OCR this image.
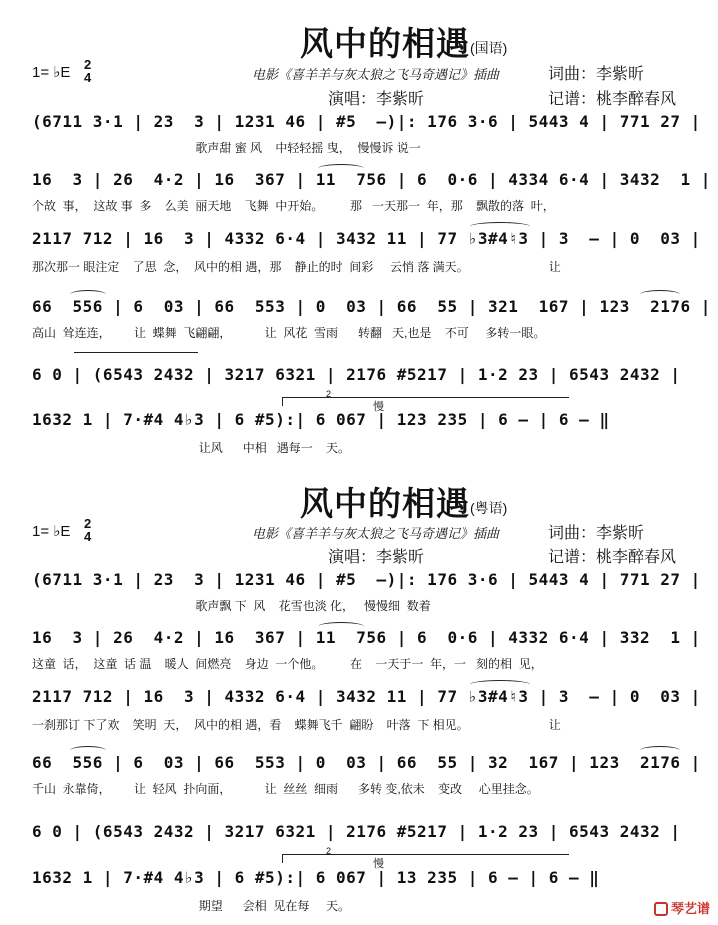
风中的相遇 (国语)
1= ♭E 2
4	电影《喜羊羊与灰太狼之飞马奇遇记》插曲	词曲：李紫昕
演唱：李紫昕	记谱：桃李醉春风
(6711 3·1 | 23  3 | 1231 46 | #5  –)|: 176 3·6 | 5443 4 | 771 27 |
歌声甜 蜜 风    中轻轻摇 曳，  慢慢诉 说一
16  3 | 26  4·2 | 16  367 | 11  756 | 6  0·6 | 4334 6·4 | 3432  1 |
个故  事，  这故 事  多    么美  丽天地    飞舞  中开始。        那   一天那一  年，那    飘散的落  叶，
2117 712 | 16  3 | 4332 6·4 | 3432 11 | 77 ♭3#4♮3 | 3  – | 0  03 |
那次那一 眼注定    了思  念，  风中的相 遇，那    静止的时  间彩     云悄 落 满天。                        让
66  556 | 6  03 | 66  553 | 0  03 | 66  55 | 321  167 | 123  2176 |
高山  耸连连，       让  蝶舞  飞翩翩，          让  风花  雪雨      转翻   天,也是    不可     多转一眼。
6 0 | (6543 2432 | 3217 6321 | 2176 #5217 | 1·2 23 | 6543 2432 |
2
慢
1632 1 | 7·#4 4♭3 | 6 #5):| 6 067 | 123 235 | 6 – | 6 – ‖
让风      中相   遇每一    天。
风中的相遇 (粤语)
1= ♭E 2
4	电影《喜羊羊与灰太狼之飞马奇遇记》插曲	词曲：李紫昕
演唱：李紫昕	记谱：桃李醉春风
(6711 3·1 | 23  3 | 1231 46 | #5  –)|: 176 3·6 | 5443 4 | 771 27 |
歌声飘 下  风    花雪也淡 化，   慢慢细  数着
16  3 | 26  4·2 | 16  367 | 11  756 | 6  0·6 | 4332 6·4 | 332  1 |
这童  话，  这童  话 温    暖人  间燃亮    身边  一个他。        在    一天于一  年，一   刻的相  见，
2117 712 | 16  3 | 4332 6·4 | 3432 11 | 77 ♭3#4♮3 | 3  – | 0  03 |
一刹那订 下了欢    笑明  天，  风中的相 遇，看    蝶舞飞千  翩盼    叶落  下 相见。                        让
66  556 | 6  03 | 66  553 | 0  03 | 66  55 | 32  167 | 123  2176 |
千山  永靠倚，       让  轻风  扑向面，          让  丝丝  细雨      多转 变,依未    变改     心里挂念。
6 0 | (6543 2432 | 3217 6321 | 2176 #5217 | 1·2 23 | 6543 2432 |
2
慢
1632 1 | 7·#4 4♭3 | 6 #5):| 6 067 | 13 235 | 6 – | 6 – ‖
期望      会相  见在每     天。	琴艺谱
